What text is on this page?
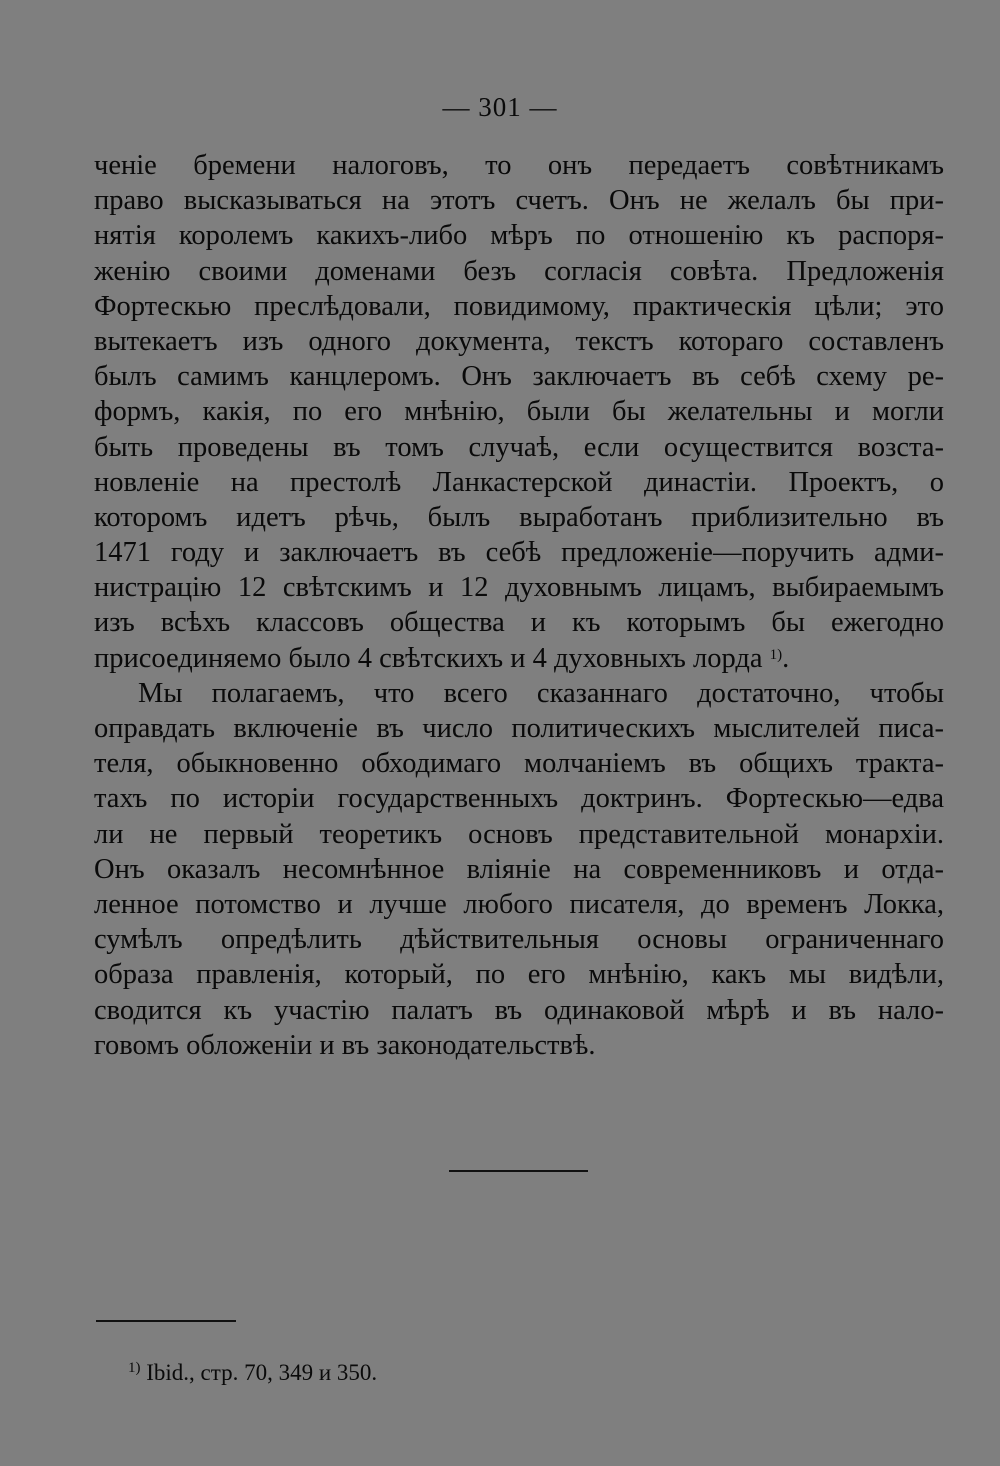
— 301 —
ченіе бремени налоговъ, то онъ передаетъ совѣтникамъ
право высказываться на этотъ счетъ. Онъ не желалъ бы при-
нятія королемъ какихъ-либо мѣръ по отношенію къ распоря-
женію своими доменами безъ согласія совѣта. Предложенія
Фортескью преслѣдовали, повидимому, практическія цѣли; это
вытекаетъ изъ одного документа, текстъ котораго составленъ
былъ самимъ канцлеромъ. Онъ заключаетъ въ себѣ схему ре-
формъ, какія, по его мнѣнію, были бы желательны и могли
быть проведены въ томъ случаѣ, если осуществится возста-
новленіе на престолѣ Ланкастерской династіи. Проектъ, о
которомъ идетъ рѣчь, былъ выработанъ приблизительно въ
1471 году и заключаетъ въ себѣ предложеніе—поручить адми-
нистрацію 12 свѣтскимъ и 12 духовнымъ лицамъ, выбираемымъ
изъ всѣхъ классовъ общества и къ которымъ бы ежегодно
присоединяемо было 4 свѣтскихъ и 4 духовныхъ лорда $^{1)}$.
Мы полагаемъ, что всего сказаннаго достаточно, чтобы
оправдать включеніе въ число политическихъ мыслителей писа-
теля, обыкновенно обходимаго молчаніемъ въ общихъ тракта-
тахъ по исторіи государственныхъ доктринъ. Фортескью—едва
ли не первый теоретикъ основъ представительной монархіи.
Онъ оказалъ несомнѣнное вліяніе на современниковъ и отда-
ленное потомство и лучше любого писателя, до временъ Локка,
сумѣлъ опредѣлить дѣйствительныя основы ограниченнаго
образа правленія, который, по его мнѣнію, какъ мы видѣли,
сводится къ участію палатъ въ одинаковой мѣрѣ и въ нало-
говомъ обложеніи и въ законодательствѣ.
$^{1)}$ Ibid., стр. 70, 349 и 350.
